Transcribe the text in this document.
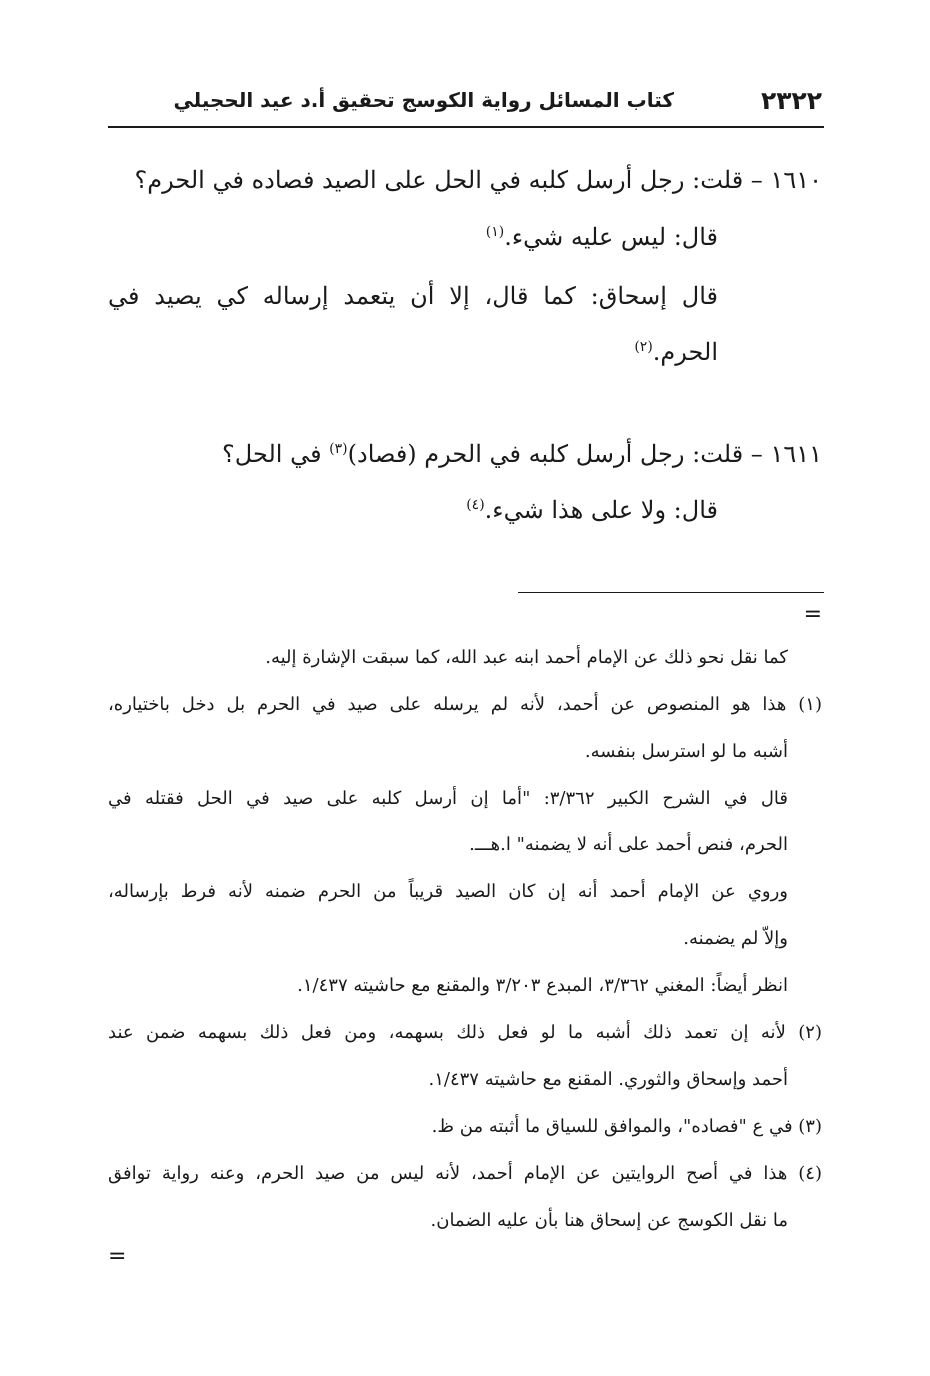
٢٣٢٢
كتاب المسائل رواية الكوسج تحقيق أ.د عيد الحجيلي
١٦١٠ – قلت: رجل أرسل كلبه في الحل على الصيد فصاده في الحرم؟
قال: ليس عليه شيء.$^{(١)}$
قال إسحاق: كما قال، إلا أن يتعمد إرساله كي يصيد في
الحرم.$^{(٢)}$
١٦١١ – قلت: رجل أرسل كلبه في الحرم (فصاد)$^{(٣)}$ في الحل؟
قال: ولا على هذا شيء.$^{(٤)}$
=
كما نقل نحو ذلك عن الإمام أحمد ابنه عبد الله، كما سبقت الإشارة إليه.
(١) هذا هو المنصوص عن أحمد، لأنه لم يرسله على صيد في الحرم بل دخل باختياره،
أشبه ما لو استرسل بنفسه.
قال في الشرح الكبير ٣/٣٦٢: "أما إن أرسل كلبه على صيد في الحل فقتله في
الحرم، فنص أحمد على أنه لا يضمنه" ا.هـــ.
وروي عن الإمام أحمد أنه إن كان الصيد قريباً من الحرم ضمنه لأنه فرط بإرساله،
وإلاّ لم يضمنه.
انظر أيضاً: المغني ٣/٣٦٢، المبدع ٣/٢٠٣ والمقنع مع حاشيته ١/٤٣٧.
(٢) لأنه إن تعمد ذلك أشبه ما لو فعل ذلك بسهمه، ومن فعل ذلك بسهمه ضمن عند
أحمد وإسحاق والثوري. المقنع مع حاشيته ١/٤٣٧.
(٣) في ع "فصاده"، والموافق للسياق ما أثبته من ظ.
(٤) هذا في أصح الروايتين عن الإمام أحمد، لأنه ليس من صيد الحرم، وعنه رواية توافق
ما نقل الكوسج عن إسحاق هنا بأن عليه الضمان.
=
